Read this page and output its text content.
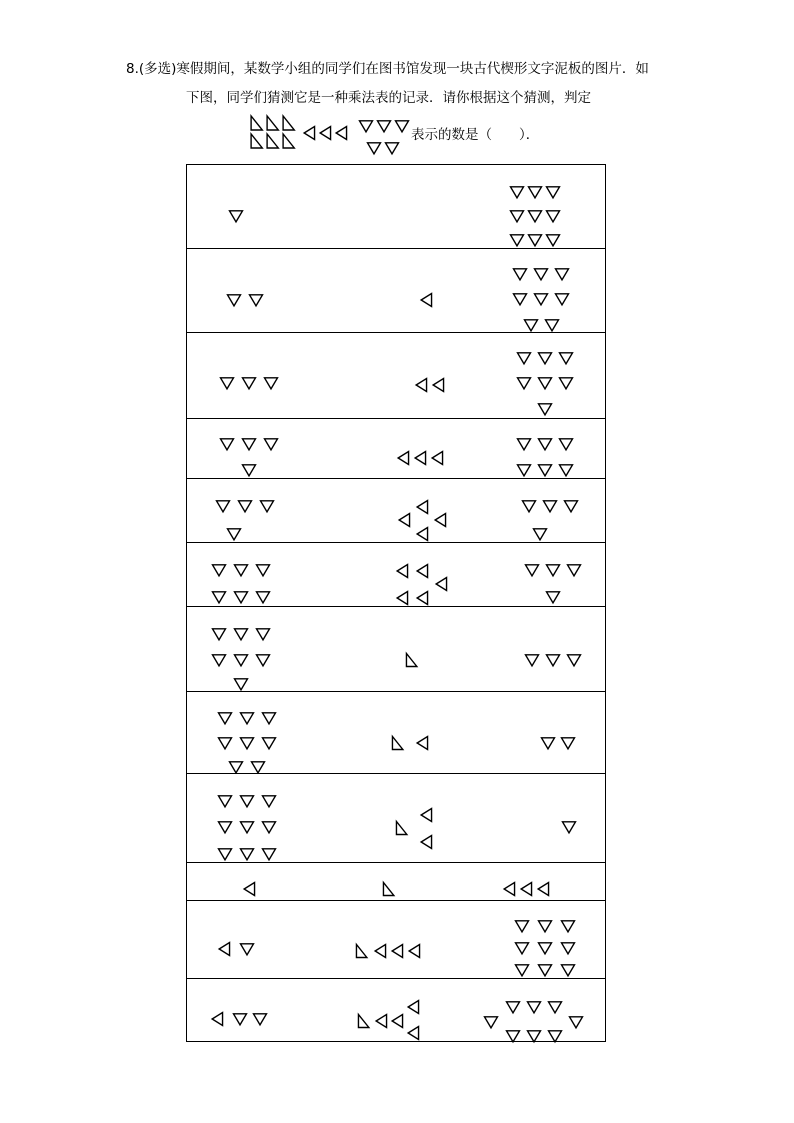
8.(多选)寒假期间，某数学小组的同学们在图书馆发现一块古代楔形文字泥板的图片．如
下图，同学们猜测它是一种乘法表的记录．请你根据这个猜测，判定
表示的数是（　　）．
